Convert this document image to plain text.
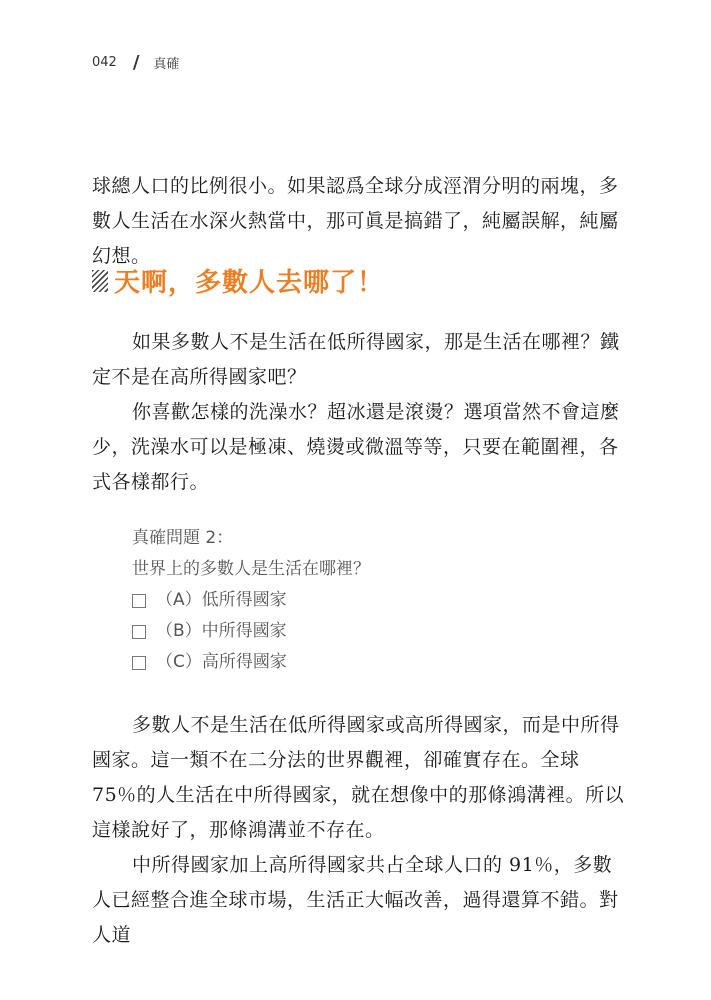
042 / 真確

球總人口的比例很小。如果認爲全球分成涇渭分明的兩塊，多數人生活在水深火熱當中，那可眞是搞錯了，純屬誤解，純屬幻想。

天啊，多數人去哪了！

如果多數人不是生活在低所得國家，那是生活在哪裡？鐵定不是在高所得國家吧？

你喜歡怎樣的洗澡水？超冰還是滾燙？選項當然不會這麼少，洗澡水可以是極凍、燒燙或微溫等等，只要在範圍裡，各式各樣都行。

真確問題 2：
世界上的多數人是生活在哪裡？
（A）低所得國家
（B）中所得國家
（C）高所得國家

多數人不是生活在低所得國家或高所得國家，而是中所得國家。這一類不在二分法的世界觀裡，卻確實存在。全球 75％的人生活在中所得國家，就在想像中的那條鴻溝裡。所以這樣說好了，那條鴻溝並不存在。

中所得國家加上高所得國家共占全球人口的 91％，多數人已經整合進全球市場，生活正大幅改善，過得還算不錯。對人道
